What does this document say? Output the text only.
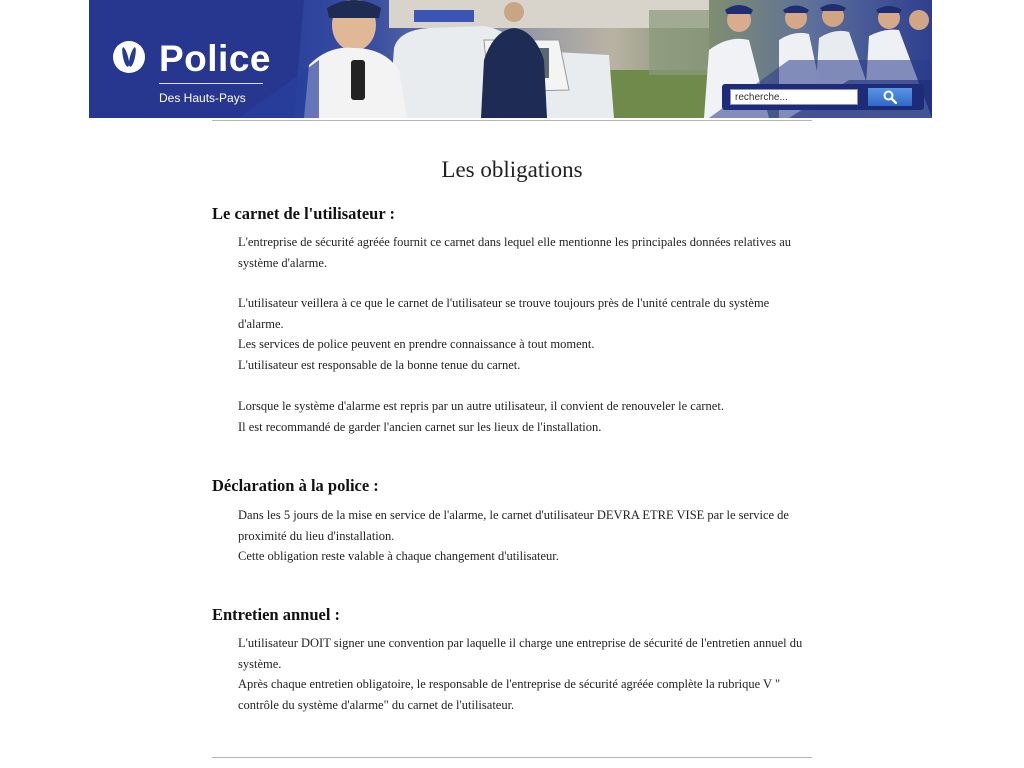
Police
Des Hauts-Pays
recherche...
Les obligations
Le carnet de l'utilisateur :

L'entreprise de sécurité agréée fournit ce carnet dans lequel elle mentionne les principales données relatives au système d'alarme.

L'utilisateur veillera à ce que le carnet de l'utilisateur se trouve toujours près de l'unité centrale du système d'alarme.

Les services de police peuvent en prendre connaissance à tout moment.

L'utilisateur est responsable de la bonne tenue du carnet.

Lorsque le système d'alarme est repris par un autre utilisateur, il convient de renouveler le carnet.

Il est recommandé de garder l'ancien carnet sur les lieux de l'installation.

Déclaration à la police :

Dans les 5 jours de la mise en service de l'alarme, le carnet d'utilisateur DEVRA ETRE VISE par le service de proximité du lieu d'installation.

Cette obligation reste valable à chaque changement d'utilisateur.

Entretien annuel :

L'utilisateur DOIT signer une convention par laquelle il charge une entreprise de sécurité de l'entretien annuel du système.

Après chaque entretien obligatoire, le responsable de l'entreprise de sécurité agréée complète la rubrique V " contrôle du système d'alarme" du carnet de l'utilisateur.
